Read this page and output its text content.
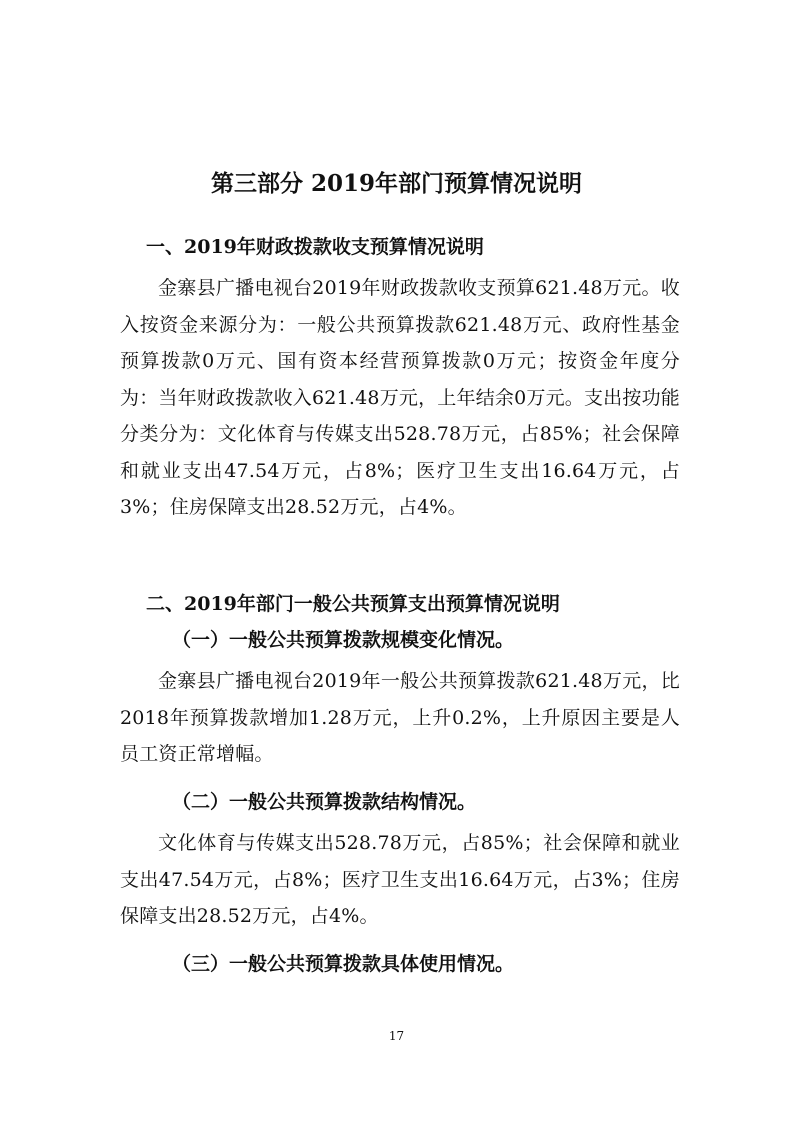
第三部分 2019年部门预算情况说明
一、2019年财政拨款收支预算情况说明
金寨县广播电视台2019年财政拨款收支预算621.48万元。收入按资金来源分为：一般公共预算拨款621.48万元、政府性基金预算拨款0万元、国有资本经营预算拨款0万元；按资金年度分为：当年财政拨款收入621.48万元，上年结余0万元。支出按功能分类分为：文化体育与传媒支出528.78万元，占85%；社会保障和就业支出47.54万元，占8%；医疗卫生支出16.64万元，占3%；住房保障支出28.52万元，占4%。
二、2019年部门一般公共预算支出预算情况说明
（一）一般公共预算拨款规模变化情况。
金寨县广播电视台2019年一般公共预算拨款621.48万元，比2018年预算拨款增加1.28万元，上升0.2%，上升原因主要是人员工资正常增幅。
（二）一般公共预算拨款结构情况。
文化体育与传媒支出528.78万元，占85%；社会保障和就业支出47.54万元，占8%；医疗卫生支出16.64万元，占3%；住房保障支出28.52万元，占4%。
（三）一般公共预算拨款具体使用情况。
17
